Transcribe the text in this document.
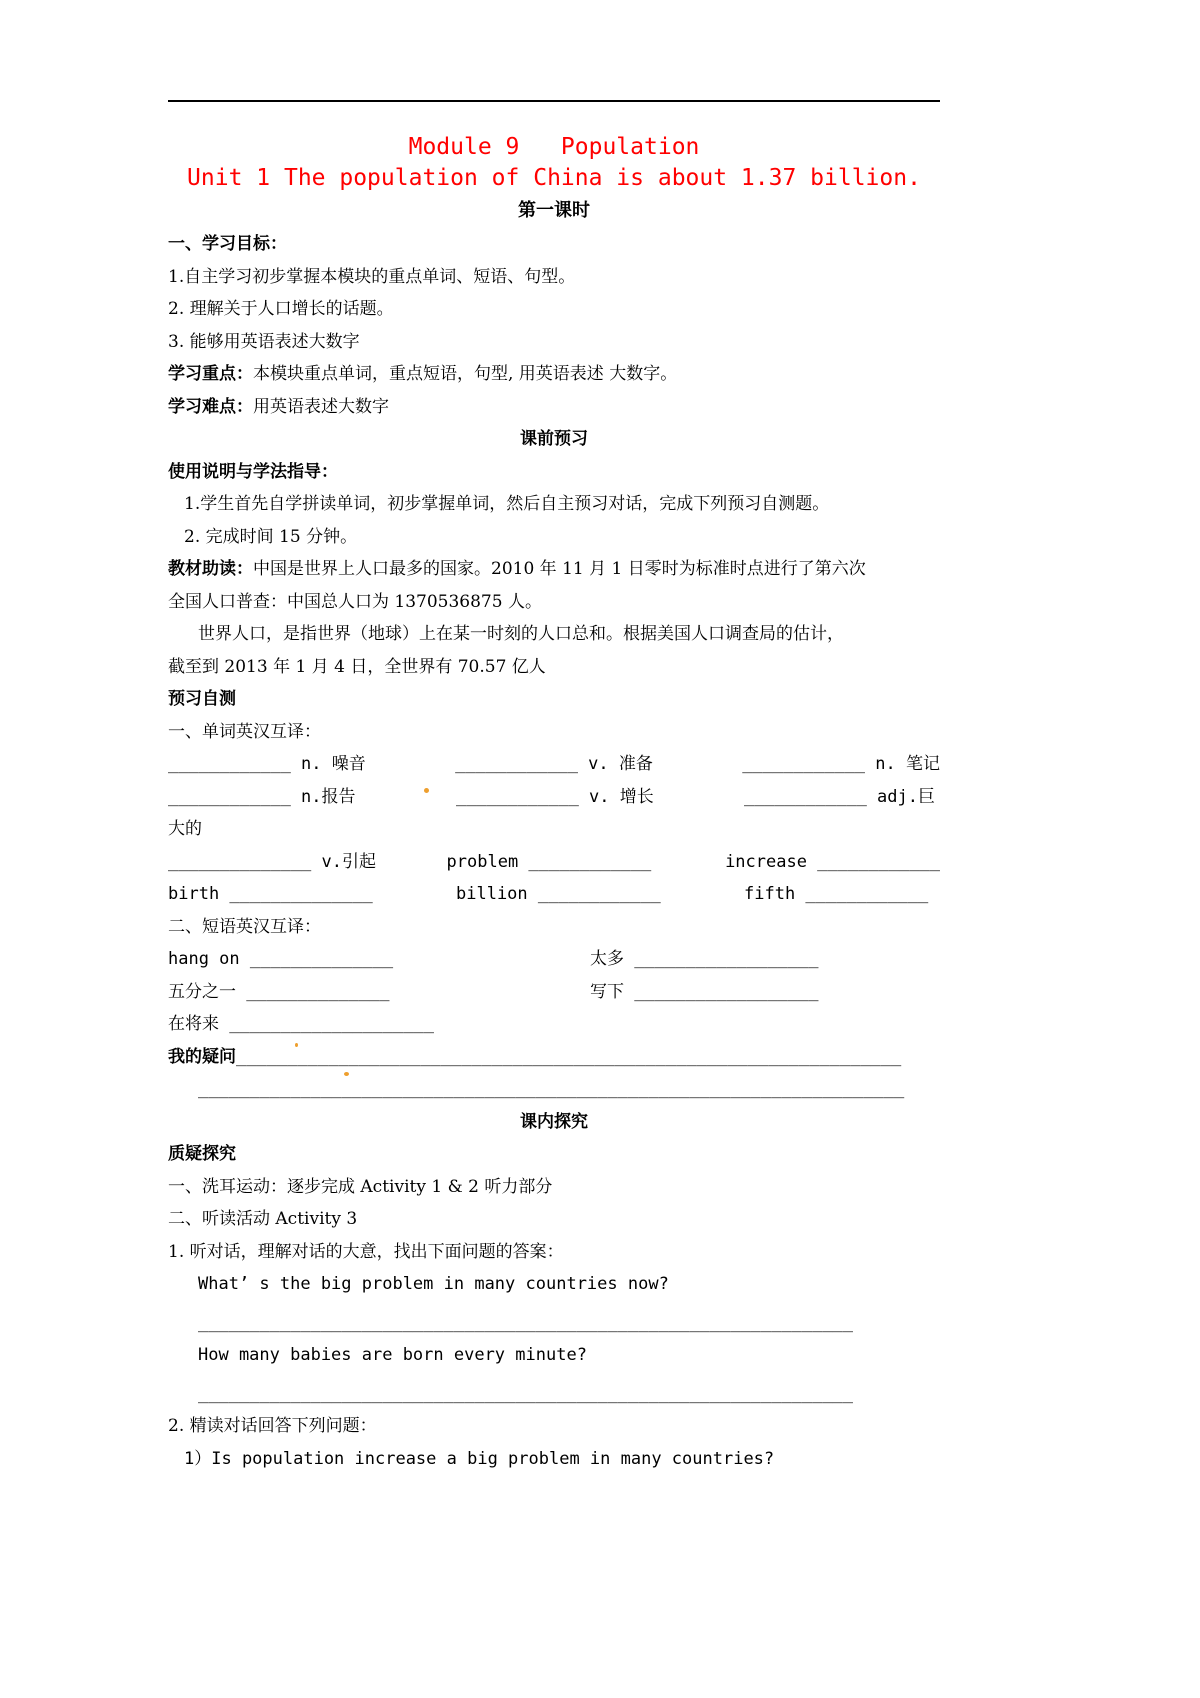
Module 9   Population
Unit 1 The population of China is about 1.37 billion.
第一课时
一、学习目标：
1.自主学习初步掌握本模块的重点单词、短语、句型。
2. 理解关于人口增长的话题。
3. 能够用英语表述大数字
学习重点：本模块重点单词，重点短语，句型, 用英语表述 大数字。
学习难点：用英语表述大数字
课前预习
使用说明与学法指导：
1.学生首先自学拼读单词，初步掌握单词，然后自主预习对话，完成下列预习自测题。
2. 完成时间 15 分钟。
教材助读：中国是世界上人口最多的国家。2010 年 11 月 1 日零时为标准时点进行了第六次
全国人口普查：中国总人口为 1370536875 人。
世界人口，是指世界（地球）上在某一时刻的人口总和。根据美国人口调查局的估计，
截至到 2013 年 1 月 4 日，全世界有 70.57 亿人
预习自测
一、单词英汉互译：
____________ n. 噪音	____________ v. 准备	____________ n. 笔记
____________ n.报告	____________ v. 增长	____________ adj.巨
大的
______________ v.引起	problem ____________	increase ____________
birth ______________	billion ____________	fifth ____________
二、短语英汉互译：
hang on ______________	太多 __________________
五分之一 ______________	写下 __________________
在将来 ____________________
我的疑问_________________________________________________________________
_____________________________________________________________________
课内探究
质疑探究
一、洗耳运动：逐步完成 Activity 1 & 2 听力部分
二、听读活动 Activity 3
1. 听对话，理解对话的大意，找出下面问题的答案：
What’ s the big problem in many countries now?
________________________________________________________________
How many babies are born every minute?
________________________________________________________________
2. 精读对话回答下列问题：
1）Is population increase a big problem in many countries?
